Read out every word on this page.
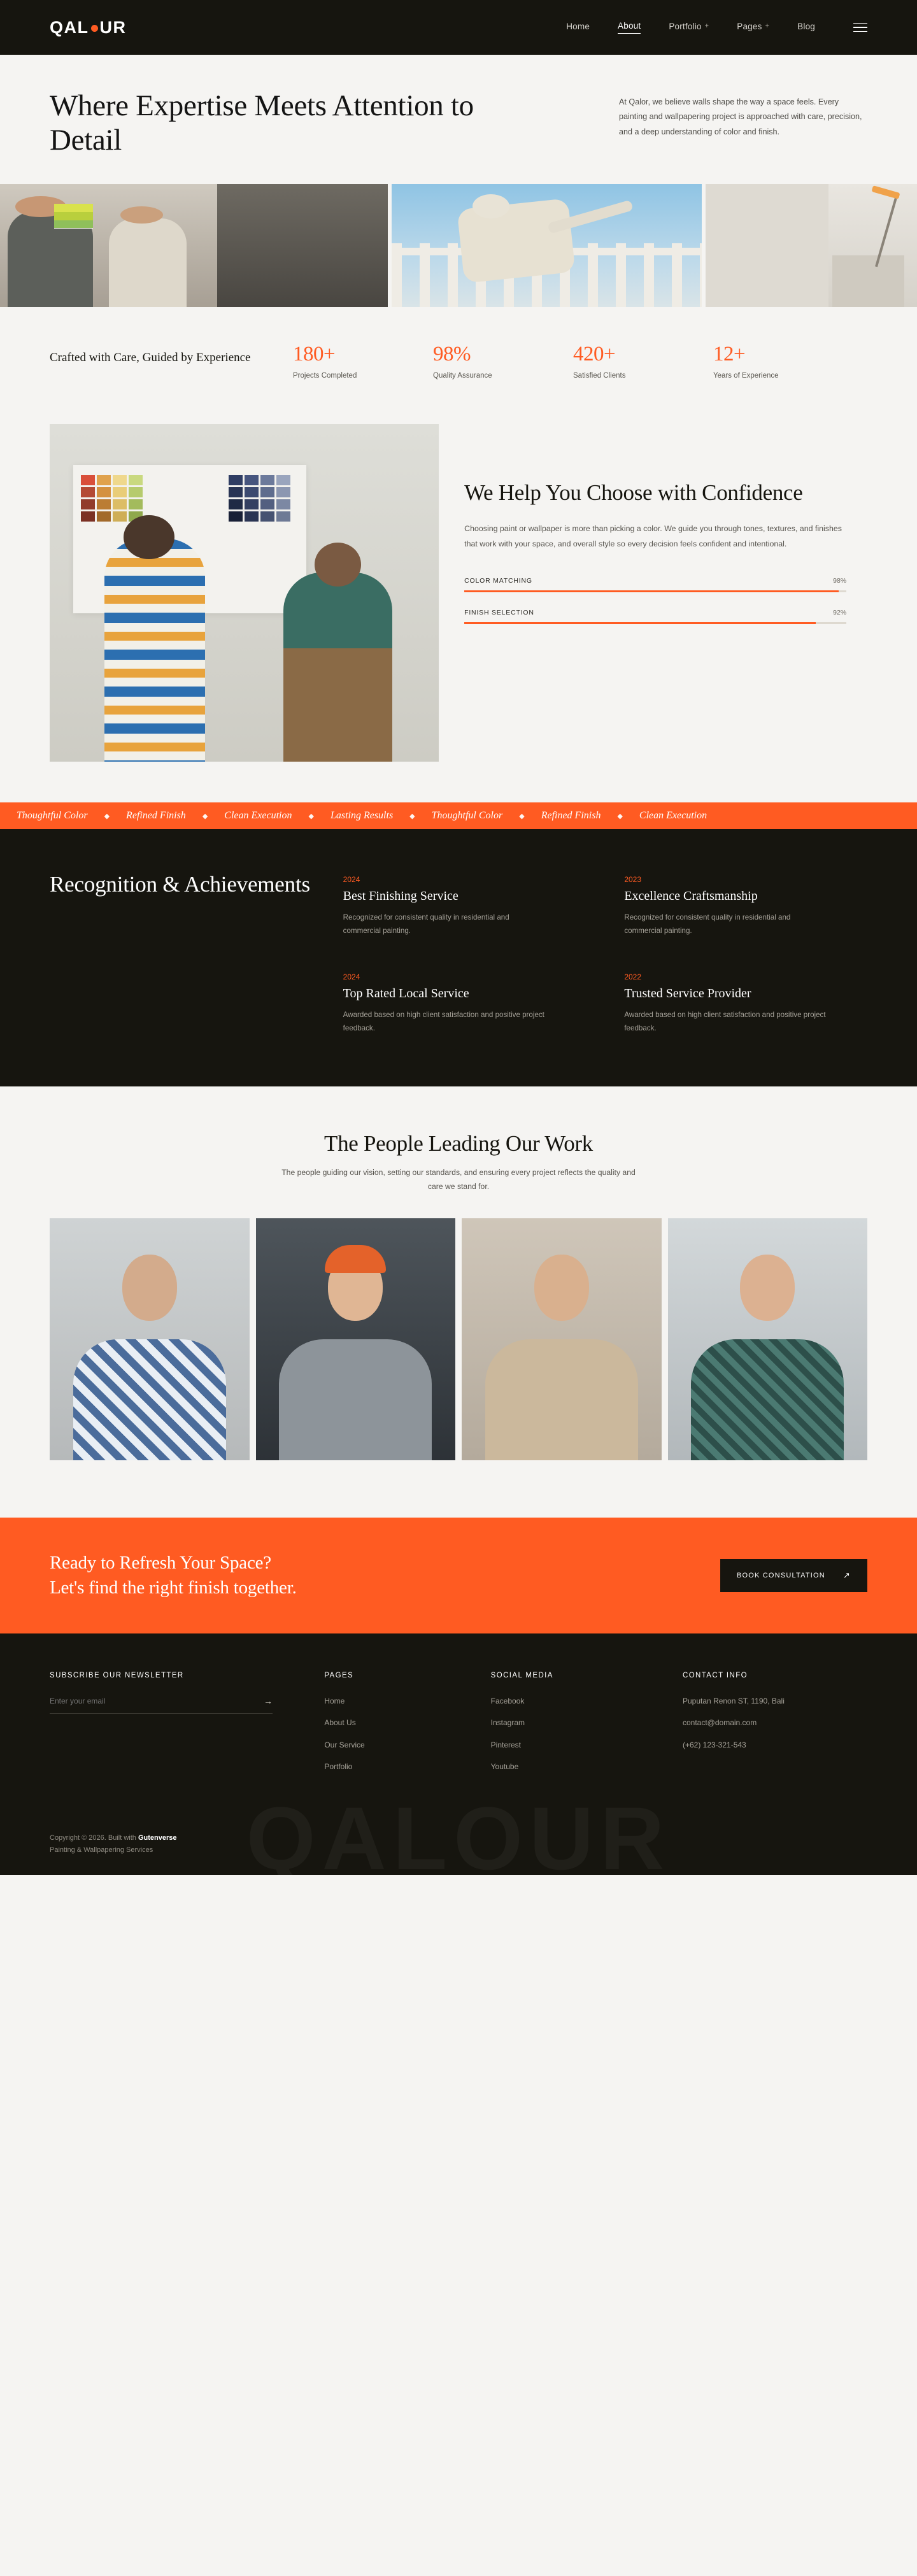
QAL UR	Home	About	Portfolio +	Pages +	Blog
Where Expertise Meets Attention to Detail

At Qalor, we believe walls shape the way a space feels. Every painting and wallpapering project is approached with care, precision, and a deep understanding of color and finish.

Crafted with Care, Guided by Experience	180+
Projects Completed
98%
Quality Assurance
420+
Satisfied Clients
12+
Years of Experience
We Help You Choose with Confidence

Choosing paint or wallpaper is more than picking a color. We guide you through tones, textures, and finishes that work with your space, and overall style so every decision feels confident and intentional.

COLOR MATCHING	98%
FINISH SELECTION	92%
Thoughtful Color	◆	Refined Finish	◆	Clean Execution	◆	Lasting Results	◆	Thoughtful Color	◆	Refined Finish	◆	Clean Execution
Recognition & Achievements	2024
Best Finishing Service
Recognized for consistent quality in residential and commercial painting.
2023
Excellence Craftsmanship
Recognized for consistent quality in residential and commercial painting.
2024
Top Rated Local Service
Awarded based on high client satisfaction and positive project feedback.
2022
Trusted Service Provider
Awarded based on high client satisfaction and positive project feedback.
The People Leading Our Work

The people guiding our vision, setting our standards, and ensuring every project reflects the quality and care we stand for.

Ready to Refresh Your Space?
Let's find the right finish together.
BOOK CONSULTATION ↗
SUBSCRIBE OUR NEWSLETTER
Enter your email
→
PAGES
Home
About Us
Our Service
Portfolio
SOCIAL MEDIA
Facebook
Instagram
Pinterest
Youtube
CONTACT INFO
Puputan Renon ST, 1190, Bali
contact@domain.com
(+62) 123-321-543
Copyright © 2026. Built with Gutenverse
Painting & Wallpapering Services
